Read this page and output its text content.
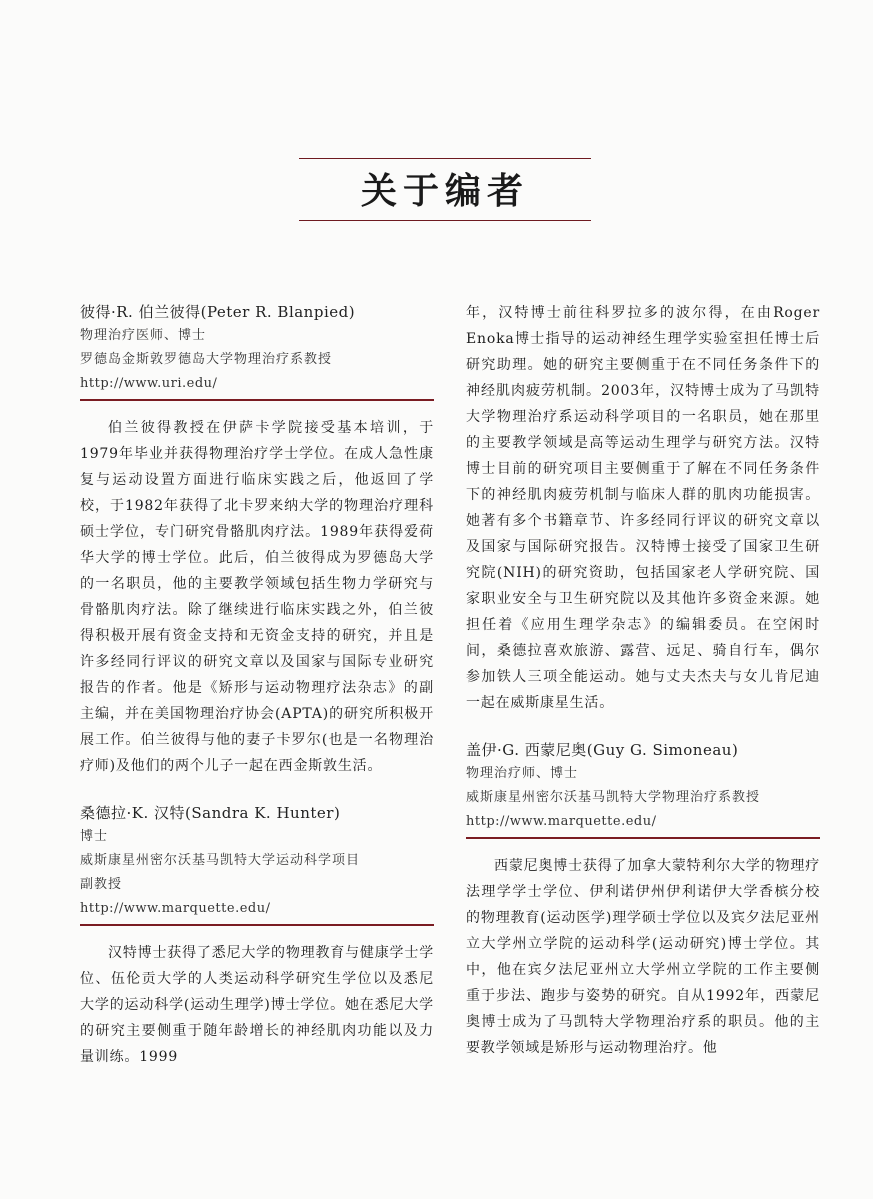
关于编者
彼得·R. 伯兰彼得(Peter R. Blanpied)
物理治疗医师、博士
罗德岛金斯敦罗德岛大学物理治疗系教授
http://www.uri.edu/

伯兰彼得教授在伊萨卡学院接受基本培训，于1979年毕业并获得物理治疗学士学位。在成人急性康复与运动设置方面进行临床实践之后，他返回了学校，于1982年获得了北卡罗来纳大学的物理治疗理科硕士学位，专门研究骨骼肌肉疗法。1989年获得爱荷华大学的博士学位。此后，伯兰彼得成为罗德岛大学的一名职员，他的主要教学领域包括生物力学研究与骨骼肌肉疗法。除了继续进行临床实践之外，伯兰彼得积极开展有资金支持和无资金支持的研究，并且是许多经同行评议的研究文章以及国家与国际专业研究报告的作者。他是《矫形与运动物理疗法杂志》的副主编，并在美国物理治疗协会(APTA)的研究所积极开展工作。伯兰彼得与他的妻子卡罗尔(也是一名物理治疗师)及他们的两个儿子一起在西金斯敦生活。

桑德拉·K. 汉特(Sandra K. Hunter)
博士
威斯康星州密尔沃基马凯特大学运动科学项目
副教授
http://www.marquette.edu/

汉特博士获得了悉尼大学的物理教育与健康学士学位、伍伦贡大学的人类运动科学研究生学位以及悉尼大学的运动科学(运动生理学)博士学位。她在悉尼大学的研究主要侧重于随年龄增长的神经肌肉功能以及力量训练。1999

年，汉特博士前往科罗拉多的波尔得，在由Roger Enoka博士指导的运动神经生理学实验室担任博士后研究助理。她的研究主要侧重于在不同任务条件下的神经肌肉疲劳机制。2003年，汉特博士成为了马凯特大学物理治疗系运动科学项目的一名职员，她在那里的主要教学领域是高等运动生理学与研究方法。汉特博士目前的研究项目主要侧重于了解在不同任务条件下的神经肌肉疲劳机制与临床人群的肌肉功能损害。她著有多个书籍章节、许多经同行评议的研究文章以及国家与国际研究报告。汉特博士接受了国家卫生研究院(NIH)的研究资助，包括国家老人学研究院、国家职业安全与卫生研究院以及其他许多资金来源。她担任着《应用生理学杂志》的编辑委员。在空闲时间，桑德拉喜欢旅游、露营、远足、骑自行车，偶尔参加铁人三项全能运动。她与丈夫杰夫与女儿肯尼迪一起在威斯康星生活。

盖伊·G. 西蒙尼奥(Guy G. Simoneau)
物理治疗师、博士
威斯康星州密尔沃基马凯特大学物理治疗系教授
http://www.marquette.edu/

西蒙尼奥博士获得了加拿大蒙特利尔大学的物理疗法理学学士学位、伊利诺伊州伊利诺伊大学香槟分校的物理教育(运动医学)理学硕士学位以及宾夕法尼亚州立大学州立学院的运动科学(运动研究)博士学位。其中，他在宾夕法尼亚州立大学州立学院的工作主要侧重于步法、跑步与姿势的研究。自从1992年，西蒙尼奥博士成为了马凯特大学物理治疗系的职员。他的主要教学领域是矫形与运动物理治疗。他
